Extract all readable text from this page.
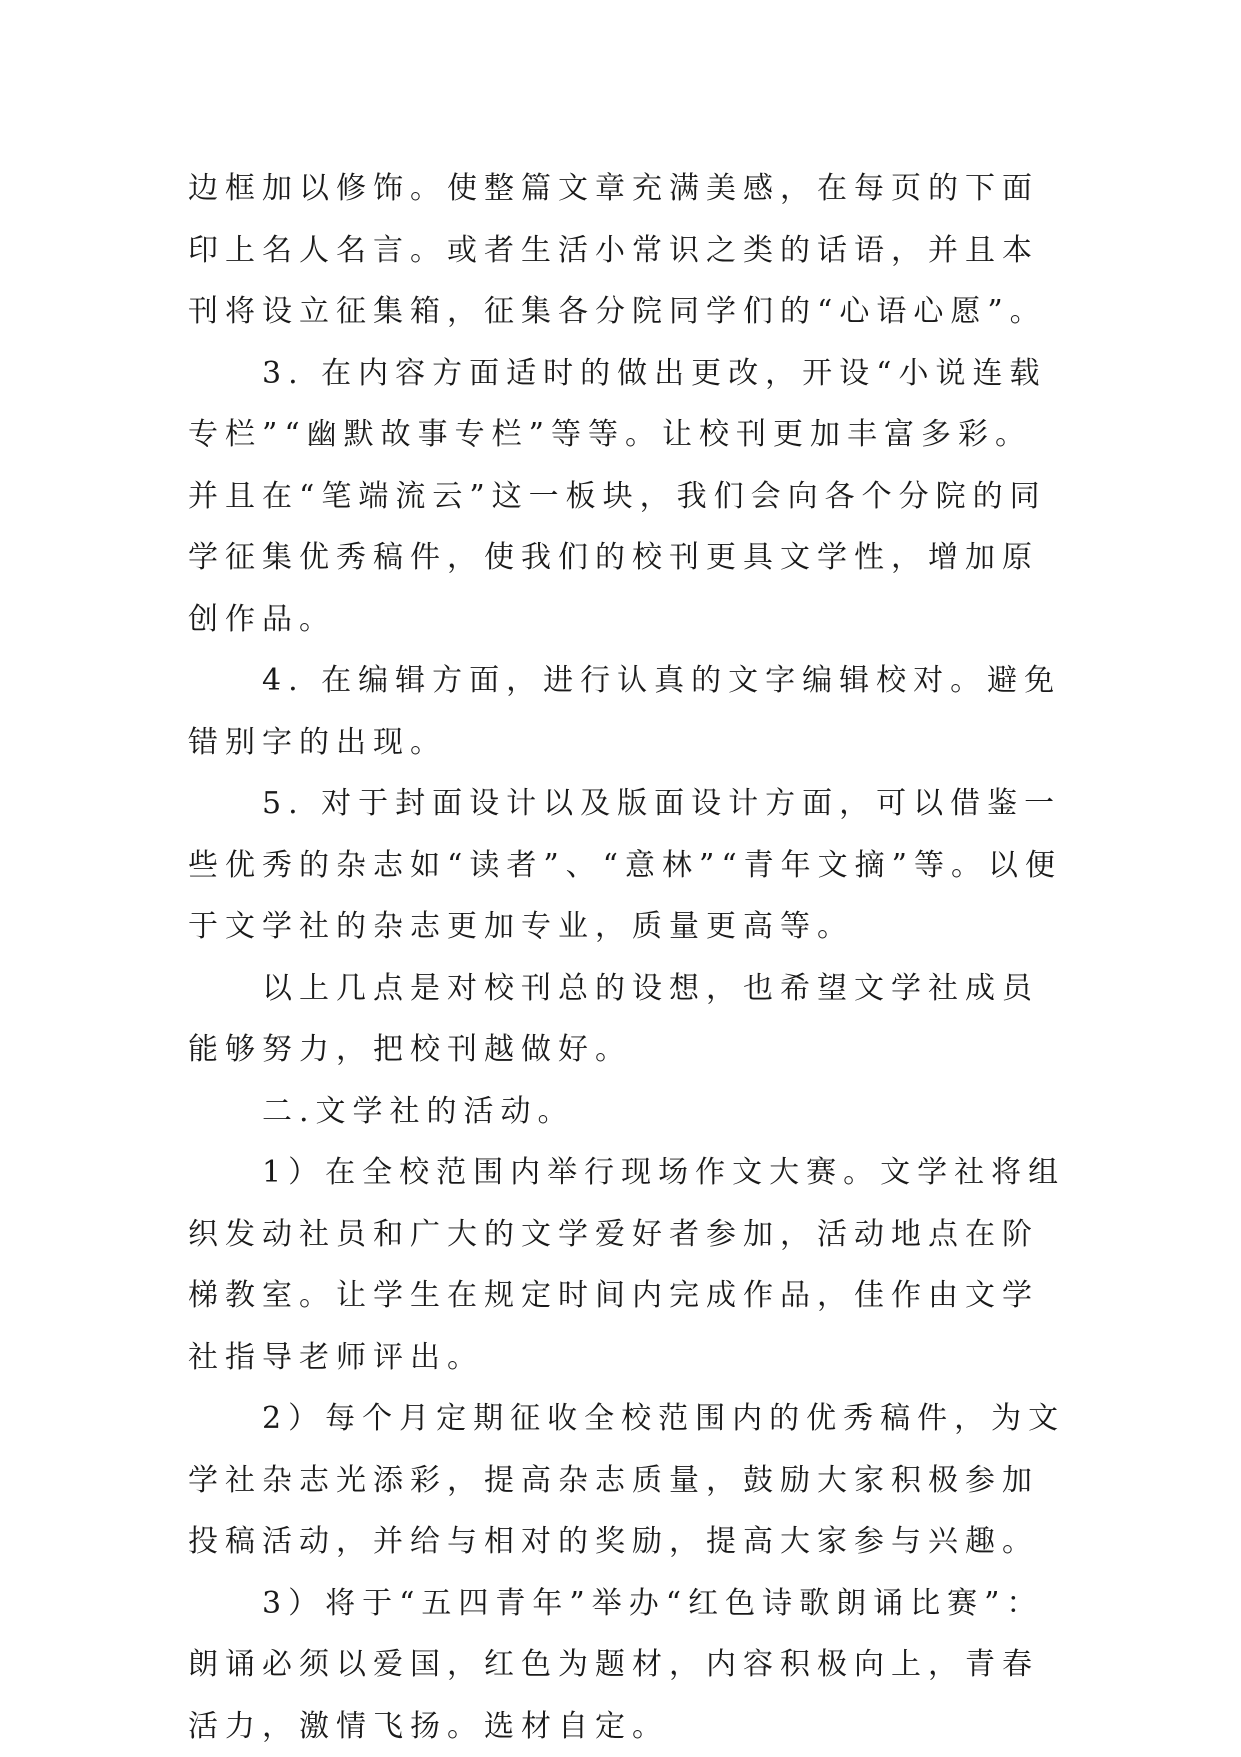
边框加以修饰。使整篇文章充满美感，在每页的下面印上名人名言。或者生活小常识之类的话语，并且本刊将设立征集箱，征集各分院同学们的“心语心愿”。

　　3. 在内容方面适时的做出更改，开设“小说连载专栏”“幽默故事专栏”等等。让校刊更加丰富多彩。并且在“笔端流云”这一板块，我们会向各个分院的同学征集优秀稿件，使我们的校刊更具文学性，增加原创作品。

　　4. 在编辑方面，进行认真的文字编辑校对。避免错别字的出现。

　　5. 对于封面设计以及版面设计方面，可以借鉴一些优秀的杂志如“读者”、“意林”“青年文摘”等。以便于文学社的杂志更加专业，质量更高等。

　　以上几点是对校刊总的设想，也希望文学社成员能够努力，把校刊越做好。

　　二.文学社的活动。

　　1）在全校范围内举行现场作文大赛。文学社将组织发动社员和广大的文学爱好者参加，活动地点在阶梯教室。让学生在规定时间内完成作品，佳作由文学社指导老师评出。

　　2）每个月定期征收全校范围内的优秀稿件，为文学社杂志光添彩，提高杂志质量，鼓励大家积极参加投稿活动，并给与相对的奖励，提高大家参与兴趣。

　　3）将于“五四青年”举办“红色诗歌朗诵比赛”：朗诵必须以爱国，红色为题材，内容积极向上，青春活力，激情飞扬。选材自定。
